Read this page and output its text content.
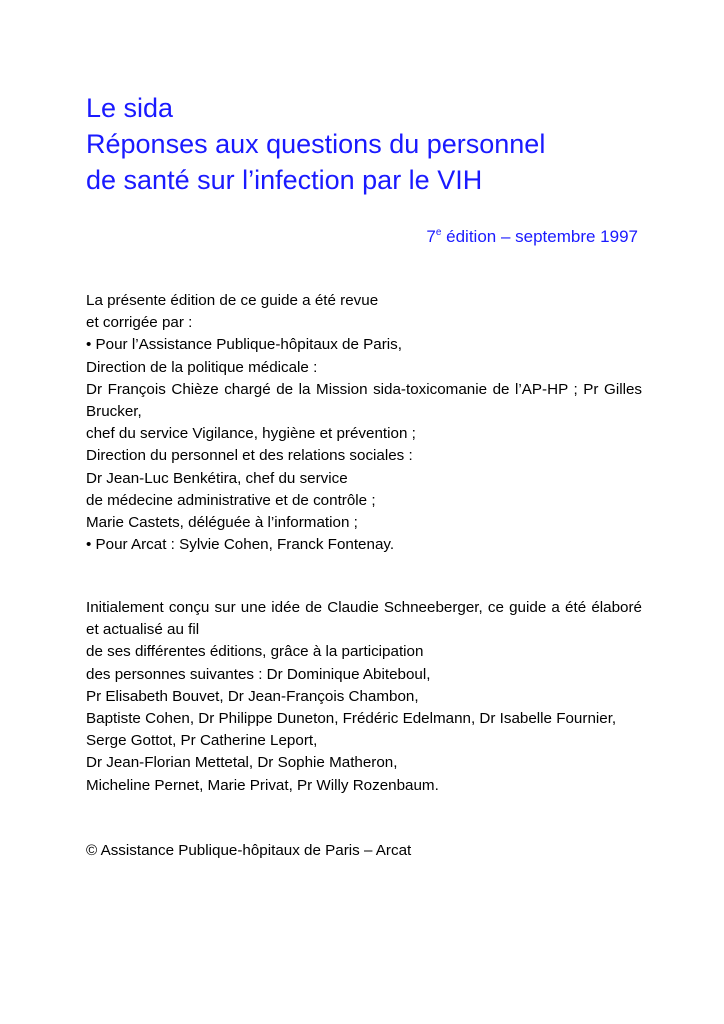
Le sida
Réponses aux questions du personnel
de santé sur l’infection par le VIH
7e édition – septembre 1997
La présente édition de ce guide a été revue
et corrigée par :
• Pour l’Assistance Publique-hôpitaux de Paris,
Direction de la politique médicale :
Dr François Chièze chargé de la Mission sida-toxicomanie de l’AP-HP ; Pr Gilles Brucker,
chef du service Vigilance, hygiène et prévention ;
Direction du personnel et des relations sociales :
Dr Jean-Luc Benkétira, chef du service
de médecine administrative et de contrôle ;
Marie Castets, déléguée à l’information ;
• Pour Arcat : Sylvie Cohen, Franck Fontenay.
Initialement conçu sur une idée de Claudie Schneeberger, ce guide a été élaboré et actualisé au fil
de ses différentes éditions, grâce à la participation
des personnes suivantes : Dr Dominique Abiteboul,
Pr Elisabeth Bouvet, Dr Jean-François Chambon,
Baptiste Cohen, Dr Philippe Duneton, Frédéric Edelmann, Dr Isabelle Fournier,
Serge Gottot, Pr Catherine Leport,
Dr Jean-Florian Mettetal, Dr Sophie Matheron,
Micheline Pernet, Marie Privat, Pr Willy Rozenbaum.
© Assistance Publique-hôpitaux de Paris – Arcat
